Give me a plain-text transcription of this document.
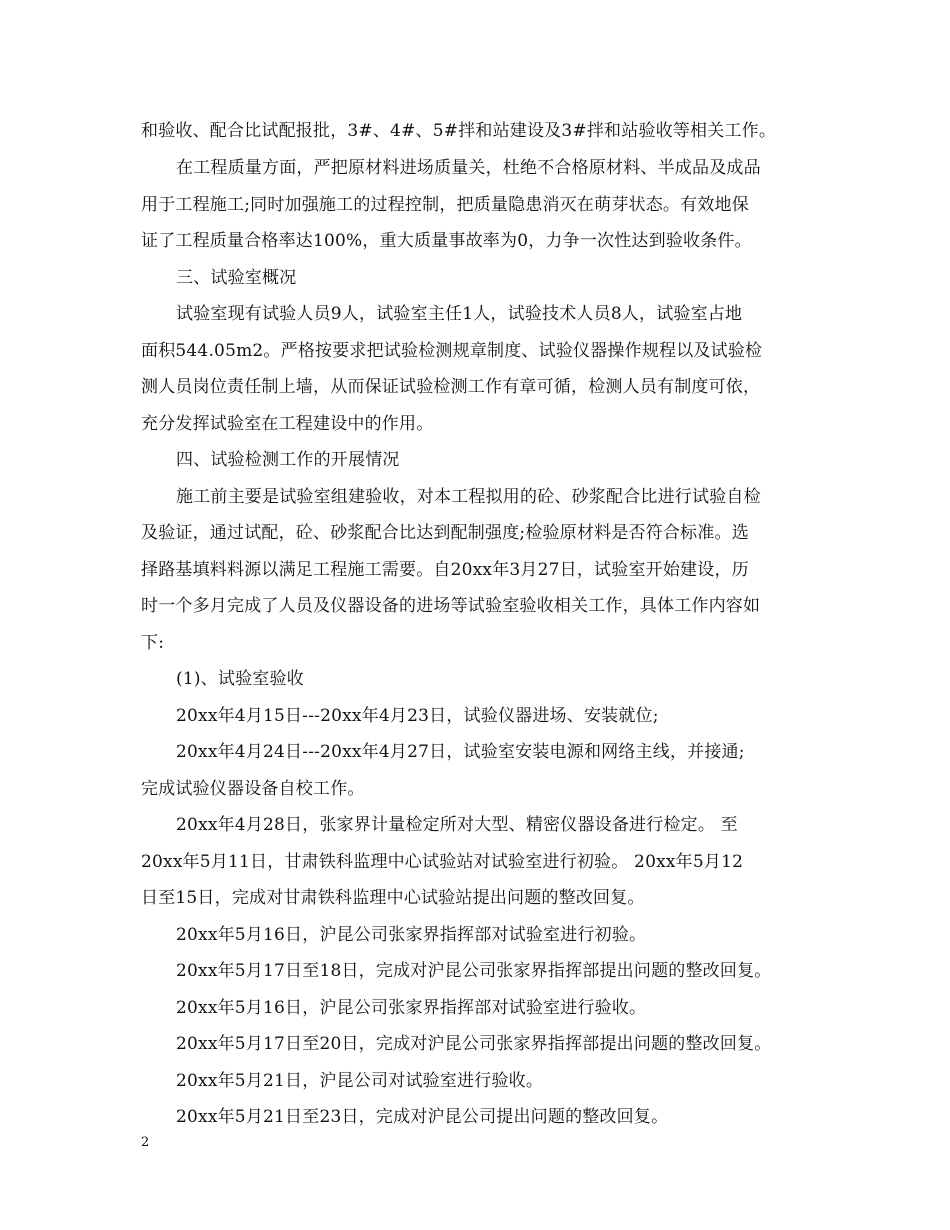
和验收、配合比试配报批，3#、4#、5#拌和站建设及3#拌和站验收等相关工作。
在工程质量方面，严把原材料进场质量关，杜绝不合格原材料、半成品及成品
用于工程施工;同时加强施工的过程控制，把质量隐患消灭在萌芽状态。有效地保
证了工程质量合格率达100%，重大质量事故率为0，力争一次性达到验收条件。
三、试验室概况
试验室现有试验人员9人，试验室主任1人，试验技术人员8人，试验室占地
面积544.05m2。严格按要求把试验检测规章制度、试验仪器操作规程以及试验检
测人员岗位责任制上墙，从而保证试验检测工作有章可循，检测人员有制度可依，
充分发挥试验室在工程建设中的作用。
四、试验检测工作的开展情况
施工前主要是试验室组建验收，对本工程拟用的砼、砂浆配合比进行试验自检
及验证，通过试配，砼、砂浆配合比达到配制强度;检验原材料是否符合标准。选
择路基填料料源以满足工程施工需要。自20xx年3月27日，试验室开始建设，历
时一个多月完成了人员及仪器设备的进场等试验室验收相关工作，具体工作内容如
下:
(1)、试验室验收
20xx年4月15日---20xx年4月23日，试验仪器进场、安装就位;
20xx年4月24日---20xx年4月27日，试验室安装电源和网络主线，并接通;
完成试验仪器设备自校工作。
20xx年4月28日，张家界计量检定所对大型、精密仪器设备进行检定。 至
20xx年5月11日，甘肃铁科监理中心试验站对试验室进行初验。 20xx年5月12
日至15日，完成对甘肃铁科监理中心试验站提出问题的整改回复。
20xx年5月16日，沪昆公司张家界指挥部对试验室进行初验。
20xx年5月17日至18日，完成对沪昆公司张家界指挥部提出问题的整改回复。
20xx年5月16日，沪昆公司张家界指挥部对试验室进行验收。
20xx年5月17日至20日，完成对沪昆公司张家界指挥部提出问题的整改回复。
20xx年5月21日，沪昆公司对试验室进行验收。
20xx年5月21日至23日，完成对沪昆公司提出问题的整改回复。
2
